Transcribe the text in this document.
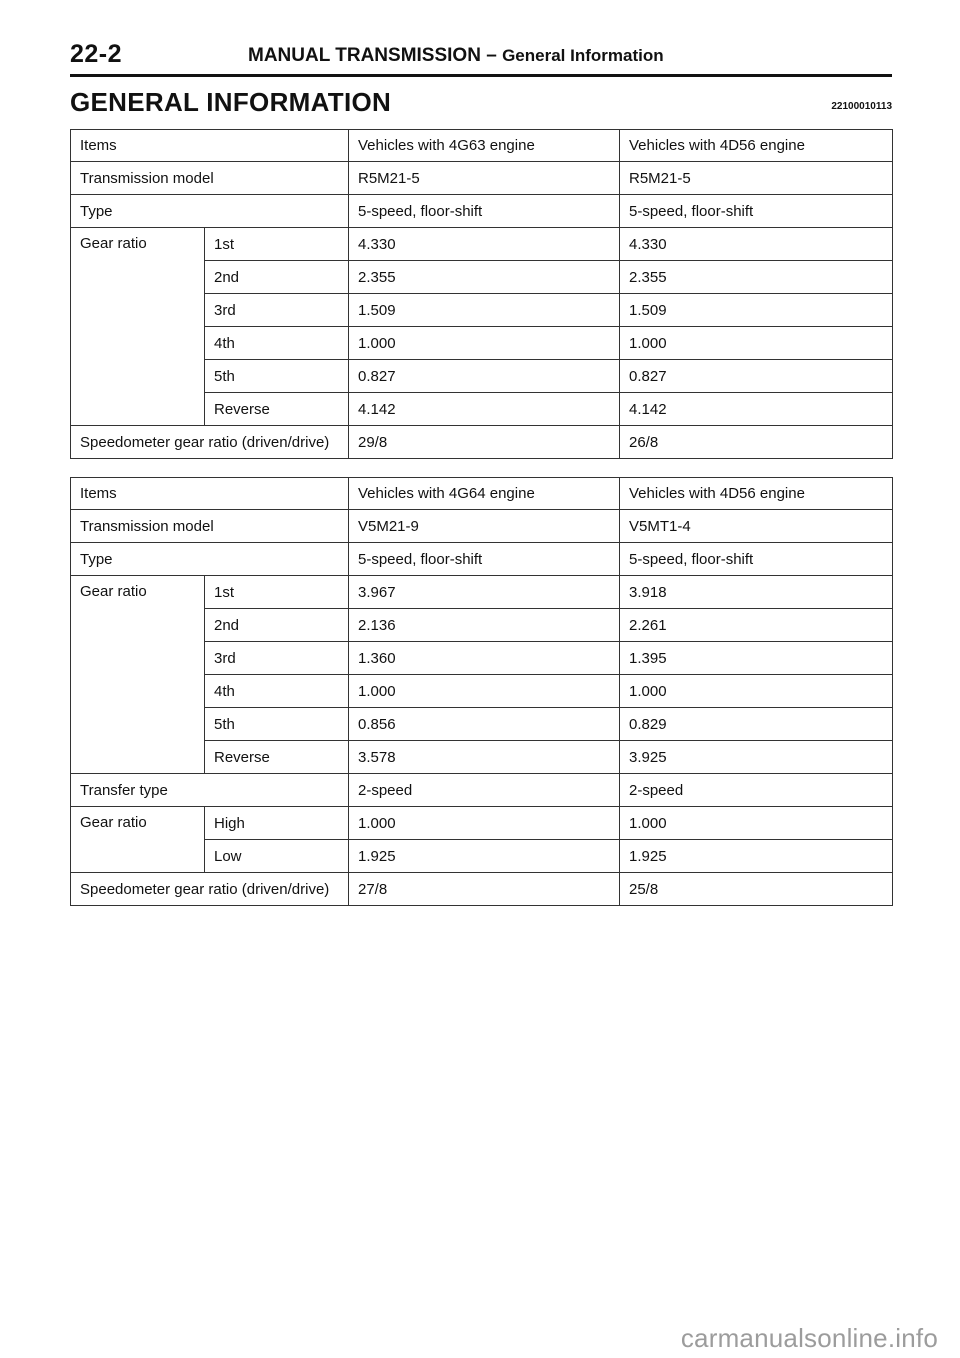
22-2	MANUAL TRANSMISSION – General Information
GENERAL INFORMATION	22100010113
Items		Vehicles with 4G63 engine	Vehicles with 4D56 engine
Transmission model		R5M21-5	R5M21-5
Type		5-speed, floor-shift	5-speed, floor-shift
Gear ratio	1st	4.330	4.330
	2nd	2.355	2.355
	3rd	1.509	1.509
	4th	1.000	1.000
	5th	0.827	0.827
	Reverse	4.142	4.142
Speedometer gear ratio (driven/drive)		29/8	26/8
Items		Vehicles with 4G64 engine	Vehicles with 4D56 engine
Transmission model		V5M21-9	V5MT1-4
Type		5-speed, floor-shift	5-speed, floor-shift
Gear ratio	1st	3.967	3.918
	2nd	2.136	2.261
	3rd	1.360	1.395
	4th	1.000	1.000
	5th	0.856	0.829
	Reverse	3.578	3.925
Transfer type		2-speed	2-speed
Gear ratio	High	1.000	1.000
	Low	1.925	1.925
Speedometer gear ratio (driven/drive)		27/8	25/8
carmanualsonline.info
